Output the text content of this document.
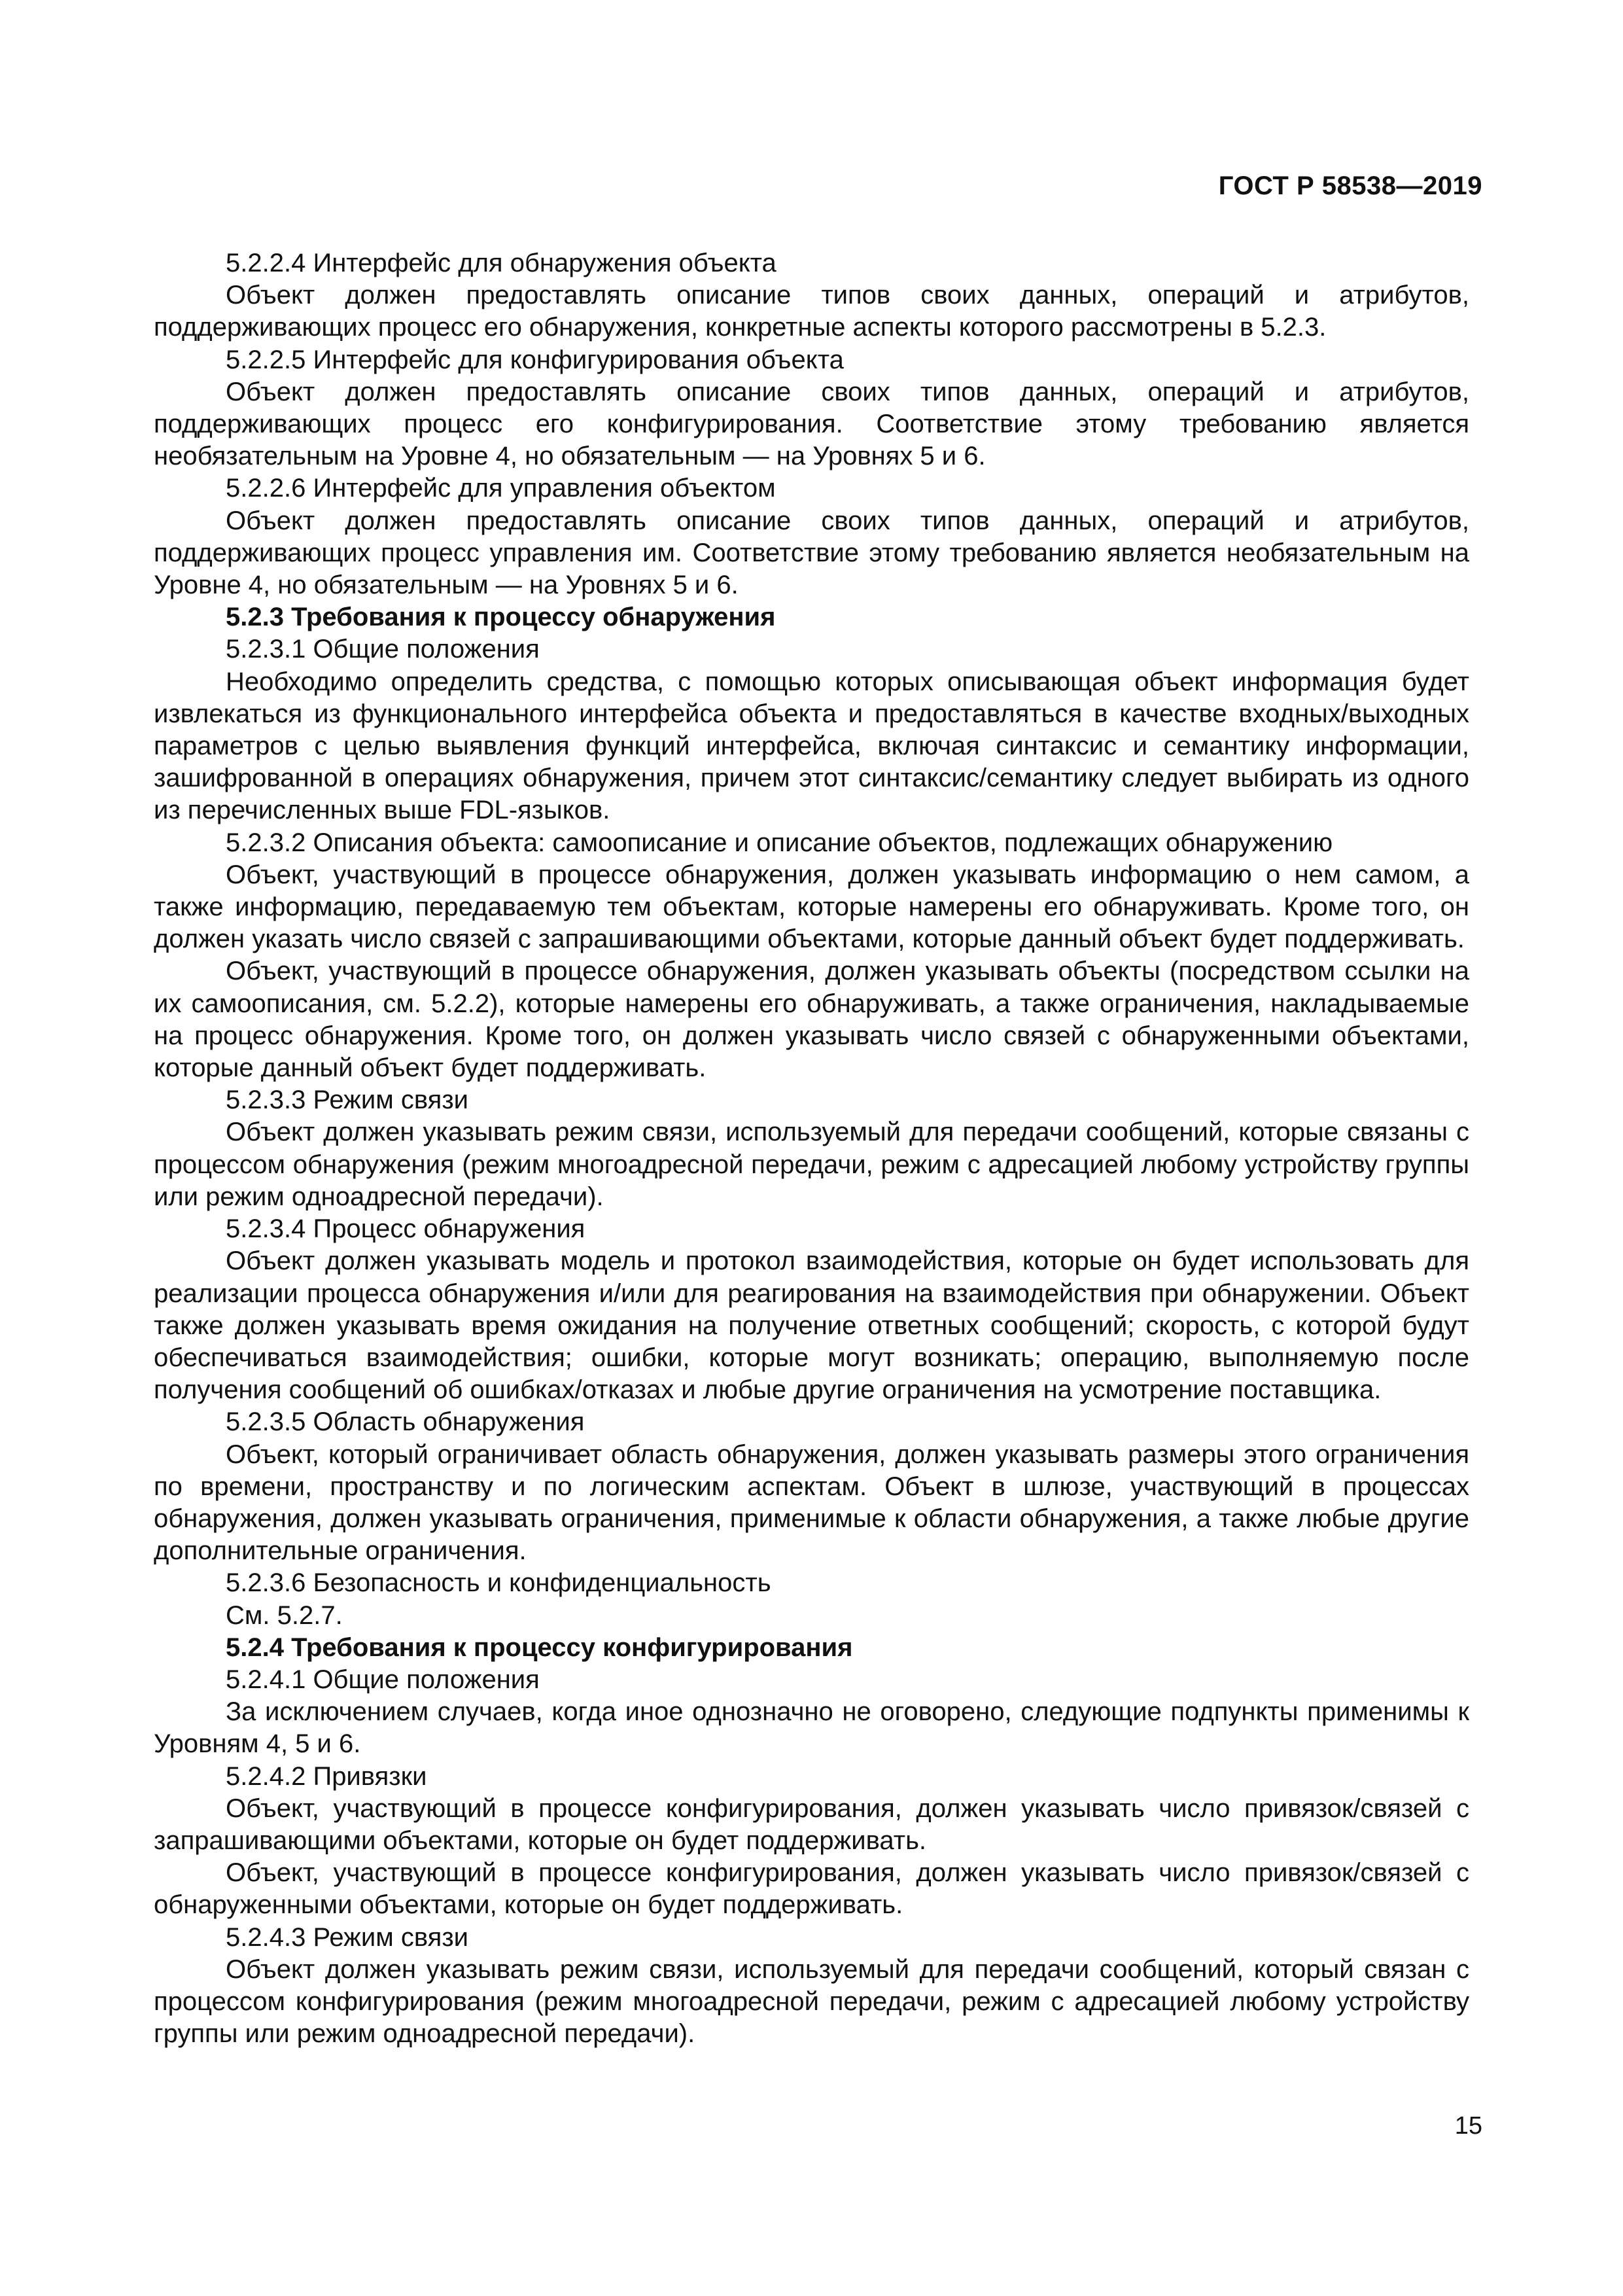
ГОСТ Р 58538—2019

5.2.2.4 Интерфейс для обнаружения объекта

Объект должен предоставлять описание типов своих данных, операций и атрибутов, поддерживающих процесс его обнаружения, конкретные аспекты которого рассмотрены в 5.2.3.

5.2.2.5 Интерфейс для конфигурирования объекта

Объект должен предоставлять описание своих типов данных, операций и атрибутов, поддерживающих процесс его конфигурирования. Соответствие этому требованию является необязательным на Уровне 4, но обязательным — на Уровнях 5 и 6.

5.2.2.6 Интерфейс для управления объектом

Объект должен предоставлять описание своих типов данных, операций и атрибутов, поддерживающих процесс управления им. Соответствие этому требованию является необязательным на Уровне 4, но обязательным — на Уровнях 5 и 6.

5.2.3 Требования к процессу обнаружения

5.2.3.1 Общие положения

Необходимо определить средства, с помощью которых описывающая объект информация будет извлекаться из функционального интерфейса объекта и предоставляться в качестве входных/выходных параметров с целью выявления функций интерфейса, включая синтаксис и семантику информации, зашифрованной в операциях обнаружения, причем этот синтаксис/семантику следует выбирать из одного из перечисленных выше FDL-языков.

5.2.3.2 Описания объекта: самоописание и описание объектов, подлежащих обнаружению

Объект, участвующий в процессе обнаружения, должен указывать информацию о нем самом, а также информацию, передаваемую тем объектам, которые намерены его обнаруживать. Кроме того, он должен указать число связей с запрашивающими объектами, которые данный объект будет поддерживать.

Объект, участвующий в процессе обнаружения, должен указывать объекты (посредством ссылки на их самоописания, см. 5.2.2), которые намерены его обнаруживать, а также ограничения, накладываемые на процесс обнаружения. Кроме того, он должен указывать число связей с обнаруженными объектами, которые данный объект будет поддерживать.

5.2.3.3 Режим связи

Объект должен указывать режим связи, используемый для передачи сообщений, которые связаны с процессом обнаружения (режим многоадресной передачи, режим с адресацией любому устройству группы или режим одноадресной передачи).

5.2.3.4 Процесс обнаружения

Объект должен указывать модель и протокол взаимодействия, которые он будет использовать для реализации процесса обнаружения и/или для реагирования на взаимодействия при обнаружении. Объект также должен указывать время ожидания на получение ответных сообщений; скорость, с которой будут обеспечиваться взаимодействия; ошибки, которые могут возникать; операцию, выполняемую после получения сообщений об ошибках/отказах и любые другие ограничения на усмотрение поставщика.

5.2.3.5 Область обнаружения

Объект, который ограничивает область обнаружения, должен указывать размеры этого ограничения по времени, пространству и по логическим аспектам. Объект в шлюзе, участвующий в процессах обнаружения, должен указывать ограничения, применимые к области обнаружения, а также любые другие дополнительные ограничения.

5.2.3.6 Безопасность и конфиденциальность

См. 5.2.7.

5.2.4 Требования к процессу конфигурирования

5.2.4.1 Общие положения

За исключением случаев, когда иное однозначно не оговорено, следующие подпункты применимы к Уровням 4, 5 и 6.

5.2.4.2 Привязки

Объект, участвующий в процессе конфигурирования, должен указывать число привязок/связей с запрашивающими объектами, которые он будет поддерживать.

Объект, участвующий в процессе конфигурирования, должен указывать число привязок/связей с обнаруженными объектами, которые он будет поддерживать.

5.2.4.3 Режим связи

Объект должен указывать режим связи, используемый для передачи сообщений, который связан с процессом конфигурирования (режим многоадресной передачи, режим с адресацией любому устройству группы или режим одноадресной передачи).

15
